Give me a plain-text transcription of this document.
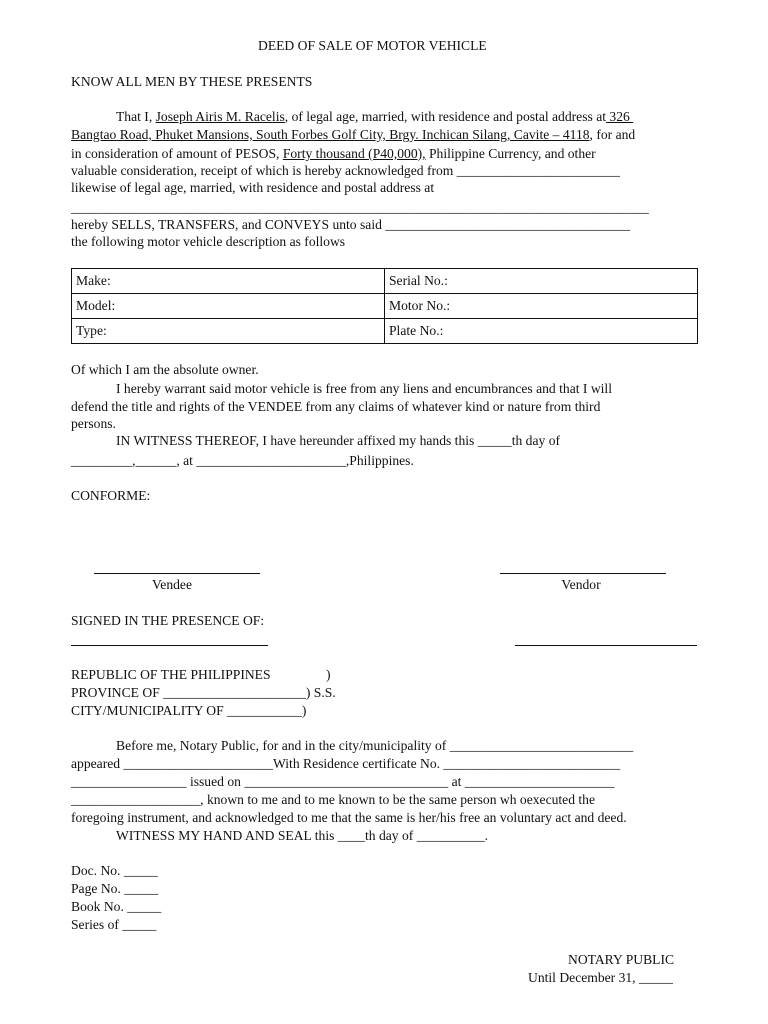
DEED OF SALE OF MOTOR VEHICLE
KNOW ALL MEN BY THESE PRESENTS
That I, Joseph Airis M. Racelis, of legal age, married, with residence and postal address at 326
Bangtao Road, Phuket Mansions, South Forbes Golf City, Brgy. Inchican Silang, Cavite – 4118, for and
in consideration of amount of PESOS, Forty thousand (P40,000), Philippine Currency, and other
valuable consideration, receipt of which is hereby acknowledged from ________________________
likewise of legal age, married, with residence and postal address at
_____________________________________________________________________________________
hereby SELLS, TRANSFERS, and CONVEYS unto said ____________________________________
the following motor vehicle description as follows
Make:	Serial No.:
Model:	Motor No.:
Type:	Plate No.:
Of which I am the absolute owner.
I hereby warrant said motor vehicle is free from any liens and encumbrances and that I will
defend the title and rights of the VENDEE from any claims of whatever kind or nature from third
persons.
IN WITNESS THEREOF, I have hereunder affixed my hands this _____th day of
_________,______, at ______________________,Philippines.
CONFORME:
Vendee	Vendor
SIGNED IN THE PRESENCE OF:
REPUBLIC OF THE PHILIPPINES	)
PROVINCE OF _____________________) S.S.
CITY/MUNICIPALITY OF ___________)
Before me, Notary Public, for and in the city/municipality of ___________________________
appeared ______________________With Residence certificate No. __________________________
_________________ issued on ______________________________ at ______________________
___________________, known to me and to me known to be the same person wh oexecuted the
foregoing instrument, and acknowledged to me that the same is her/his free an voluntary act and deed.
WITNESS MY HAND AND SEAL this ____th day of __________.
Doc. No. _____
Page No. _____
Book No. _____
Series of _____
NOTARY PUBLIC
Until December 31, _____
